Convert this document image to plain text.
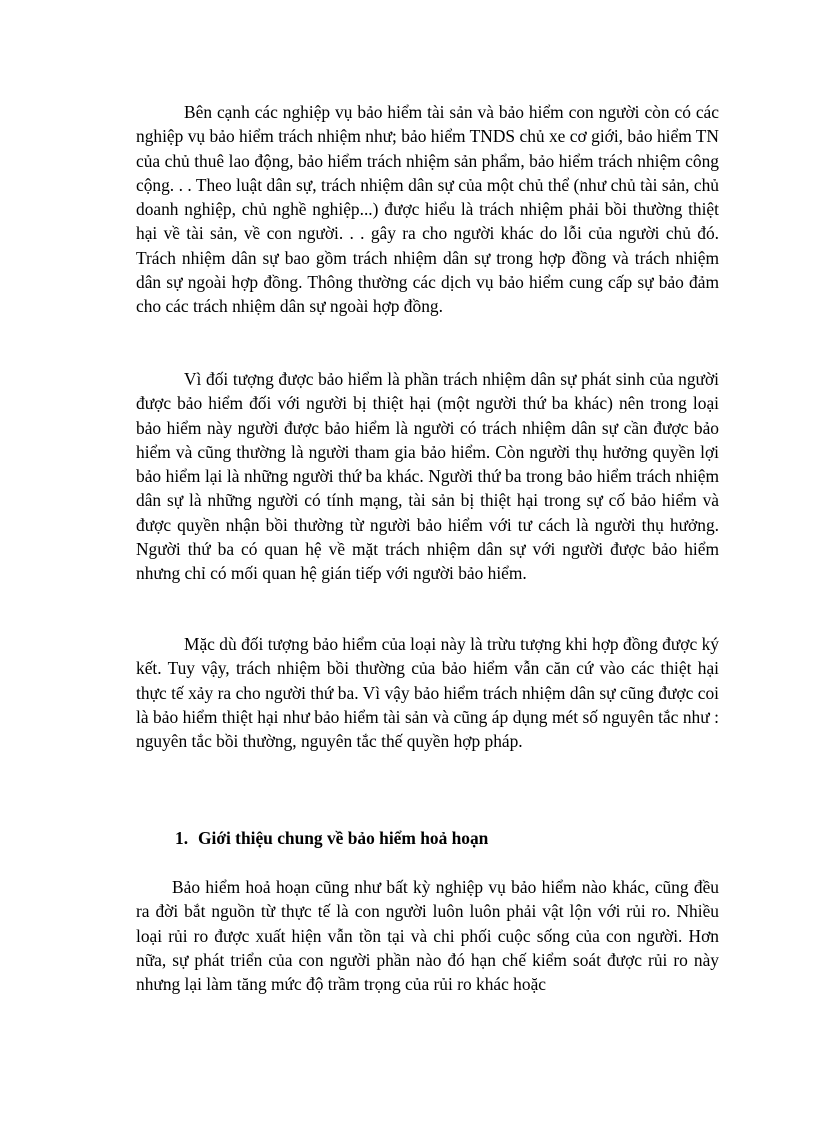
Bên cạnh các nghiệp vụ bảo hiểm tài sản và bảo hiểm con người còn có các nghiệp vụ bảo hiểm trách nhiệm như; bảo hiểm TNDS chủ xe cơ giới, bảo hiểm TN của chủ thuê lao động, bảo hiểm trách nhiệm sản phẩm, bảo hiểm trách nhiệm công cộng. . . Theo luật dân sự, trách nhiệm dân sự của một chủ thể (như chủ tài sản, chủ doanh nghiệp, chủ nghề nghiệp...) được hiểu là trách nhiệm phải bồi thường thiệt hại về tài sản, về con người. . . gây ra cho người khác do lỗi của người chủ đó. Trách nhiệm dân sự bao gồm trách nhiệm dân sự trong hợp đồng và trách nhiệm dân sự ngoài hợp đồng. Thông thường các dịch vụ bảo hiểm cung cấp sự bảo đảm cho các trách nhiệm dân sự ngoài hợp đồng.

Vì đối tượng được bảo hiểm là phần trách nhiệm dân sự phát sinh của người được bảo hiểm đối với người bị thiệt hại (một người thứ ba khác) nên trong loại bảo hiểm này người được bảo hiểm là người có trách nhiệm dân sự cần được bảo hiểm và cũng thường là người tham gia bảo hiểm. Còn người thụ hưởng quyền lợi bảo hiểm lại là những người thứ ba khác. Người thứ ba trong bảo hiểm trách nhiệm dân sự là những người có tính mạng, tài sản bị thiệt hại trong sự cố bảo hiểm và được quyền nhận bồi thường từ người bảo hiểm với tư cách là người thụ hưởng. Người thứ ba có quan hệ về mặt trách nhiệm dân sự với người được bảo hiểm nhưng chỉ có mối quan hệ gián tiếp với người bảo hiểm.

Mặc dù đối tượng bảo hiểm của loại này là trừu tượng khi hợp đồng được ký kết. Tuy vậy, trách nhiệm bồi thường của bảo hiểm vẫn căn cứ vào các thiệt hại thực tế xảy ra cho người thứ ba. Vì vậy bảo hiểm trách nhiệm dân sự cũng được coi là bảo hiểm thiệt hại như bảo hiểm tài sản và cũng áp dụng mét số nguyên tắc như : nguyên tắc bồi thường, nguyên tắc thế quyền hợp pháp.

1. Giới thiệu chung về bảo hiểm hoả hoạn

Bảo hiểm hoả hoạn cũng như bất kỳ nghiệp vụ bảo hiểm nào khác, cũng đều ra đời bắt nguồn từ thực tế là con người luôn luôn phải vật lộn với rủi ro. Nhiều loại rủi ro được xuất hiện vẫn tồn tại và chi phối cuộc sống của con người. Hơn nữa, sự phát triển của con người phần nào đó hạn chế kiểm soát được rủi ro này nhưng lại làm tăng mức độ trầm trọng của rủi ro khác hoặc
